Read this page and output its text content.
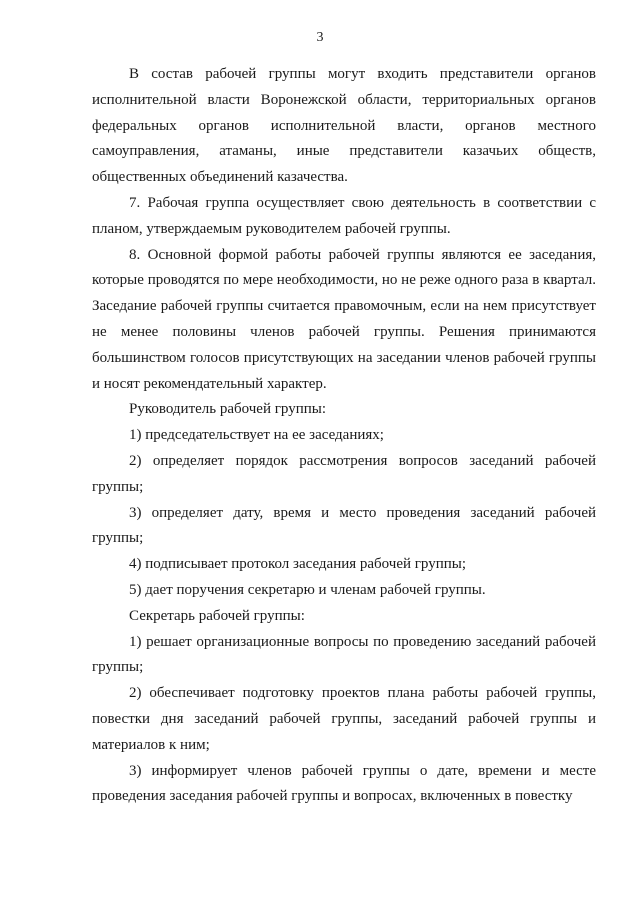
3

В состав рабочей группы могут входить представители органов исполнительной власти Воронежской области, территориальных органов федеральных органов исполнительной власти, органов местного самоуправления, атаманы, иные представители казачьих обществ, общественных объединений казачества.

7. Рабочая группа осуществляет свою деятельность в соответствии с планом, утверждаемым руководителем рабочей группы.

8. Основной формой работы рабочей группы являются ее заседания, которые проводятся по мере необходимости, но не реже одного раза в квартал. Заседание рабочей группы считается правомочным, если на нем присутствует не менее половины членов рабочей группы. Решения принимаются большинством голосов присутствующих на заседании членов рабочей группы и носят рекомендательный характер.

Руководитель рабочей группы:

1) председательствует на ее заседаниях;

2) определяет порядок рассмотрения вопросов заседаний рабочей группы;

3) определяет дату, время и место проведения заседаний рабочей группы;

4) подписывает протокол заседания рабочей группы;

5) дает поручения секретарю и членам рабочей группы.

Секретарь рабочей группы:

1) решает организационные вопросы по проведению заседаний рабочей группы;

2) обеспечивает подготовку проектов плана работы рабочей группы, повестки дня заседаний рабочей группы, заседаний рабочей группы и материалов к ним;

3) информирует членов рабочей группы о дате, времени и месте проведения заседания рабочей группы и вопросах, включенных в повестку
